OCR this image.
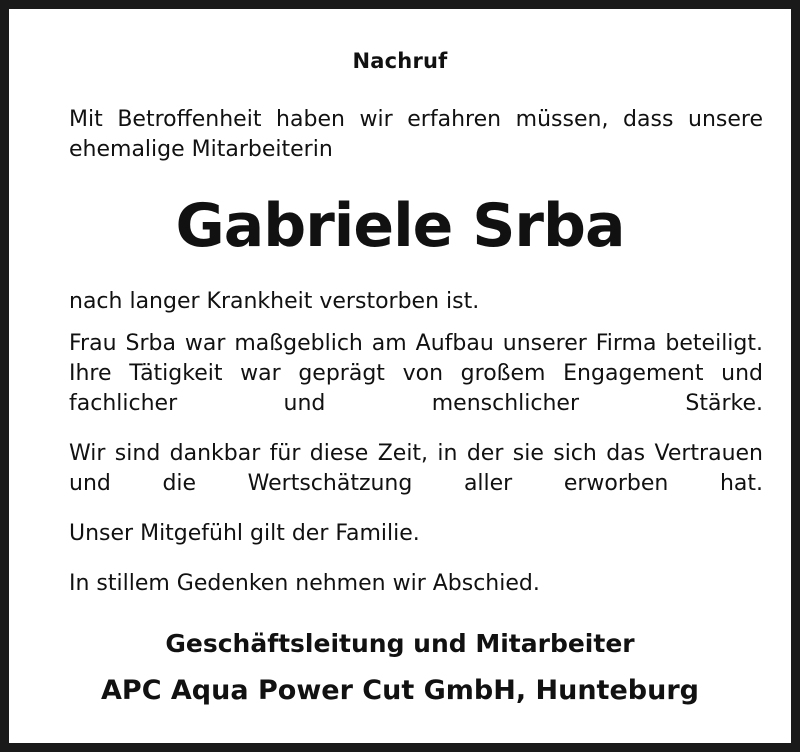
Nachruf
Mit Betroffenheit haben wir erfahren müssen, dass unsere ehemalige Mitarbeiterin
Gabriele Srba
nach langer Krankheit verstorben ist.
Frau Srba war maßgeblich am Aufbau unserer Firma beteiligt. Ihre Tätigkeit war geprägt von großem Engagement und fachlicher und menschlicher Stärke.
Wir sind dankbar für diese Zeit, in der sie sich das Vertrauen und die Wertschätzung aller erworben hat.
Unser Mitgefühl gilt der Familie.
In stillem Gedenken nehmen wir Abschied.
Geschäftsleitung und Mitarbeiter
APC Aqua Power Cut GmbH, Hunteburg
